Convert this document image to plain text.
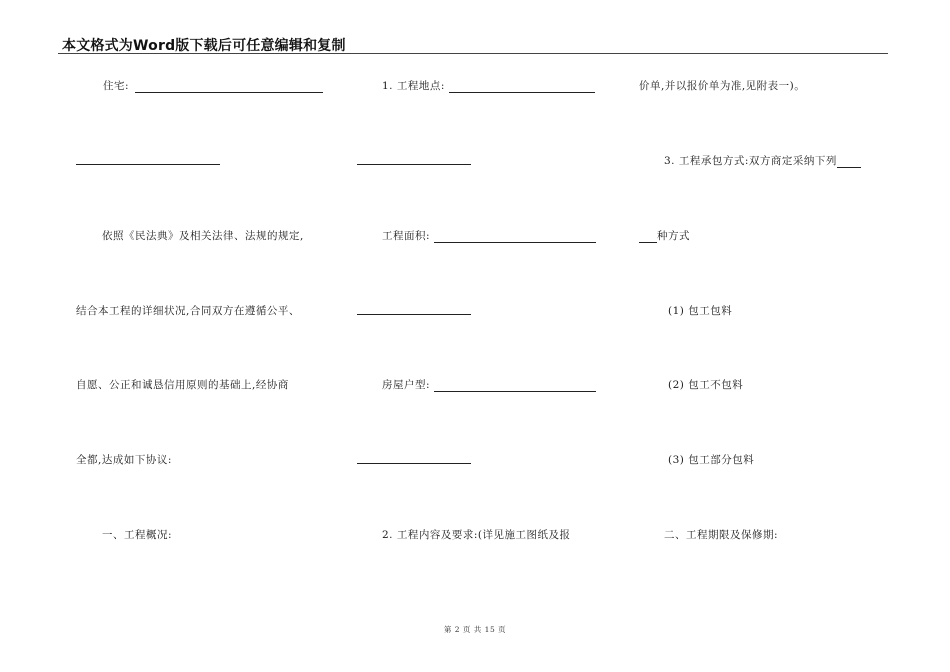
本文格式为Word版下载后可任意编辑和复制
住宅:
依照《民法典》及相关法律、法规的规定,
结合本工程的详细状况,合同双方在遵循公平、
自愿、公正和诚恳信用原则的基础上,经协商
全都,达成如下协议:
一、工程概况:
1. 工程地点:
工程面积:
房屋户型:
2. 工程内容及要求:(详见施工图纸及报
价单,并以报价单为准,见附表一)。
3. 工程承包方式:双方商定采纳下列
种方式
(1) 包工包料
(2) 包工不包料
(3) 包工部分包料
二、工程期限及保修期:
第 2 页 共 15 页
